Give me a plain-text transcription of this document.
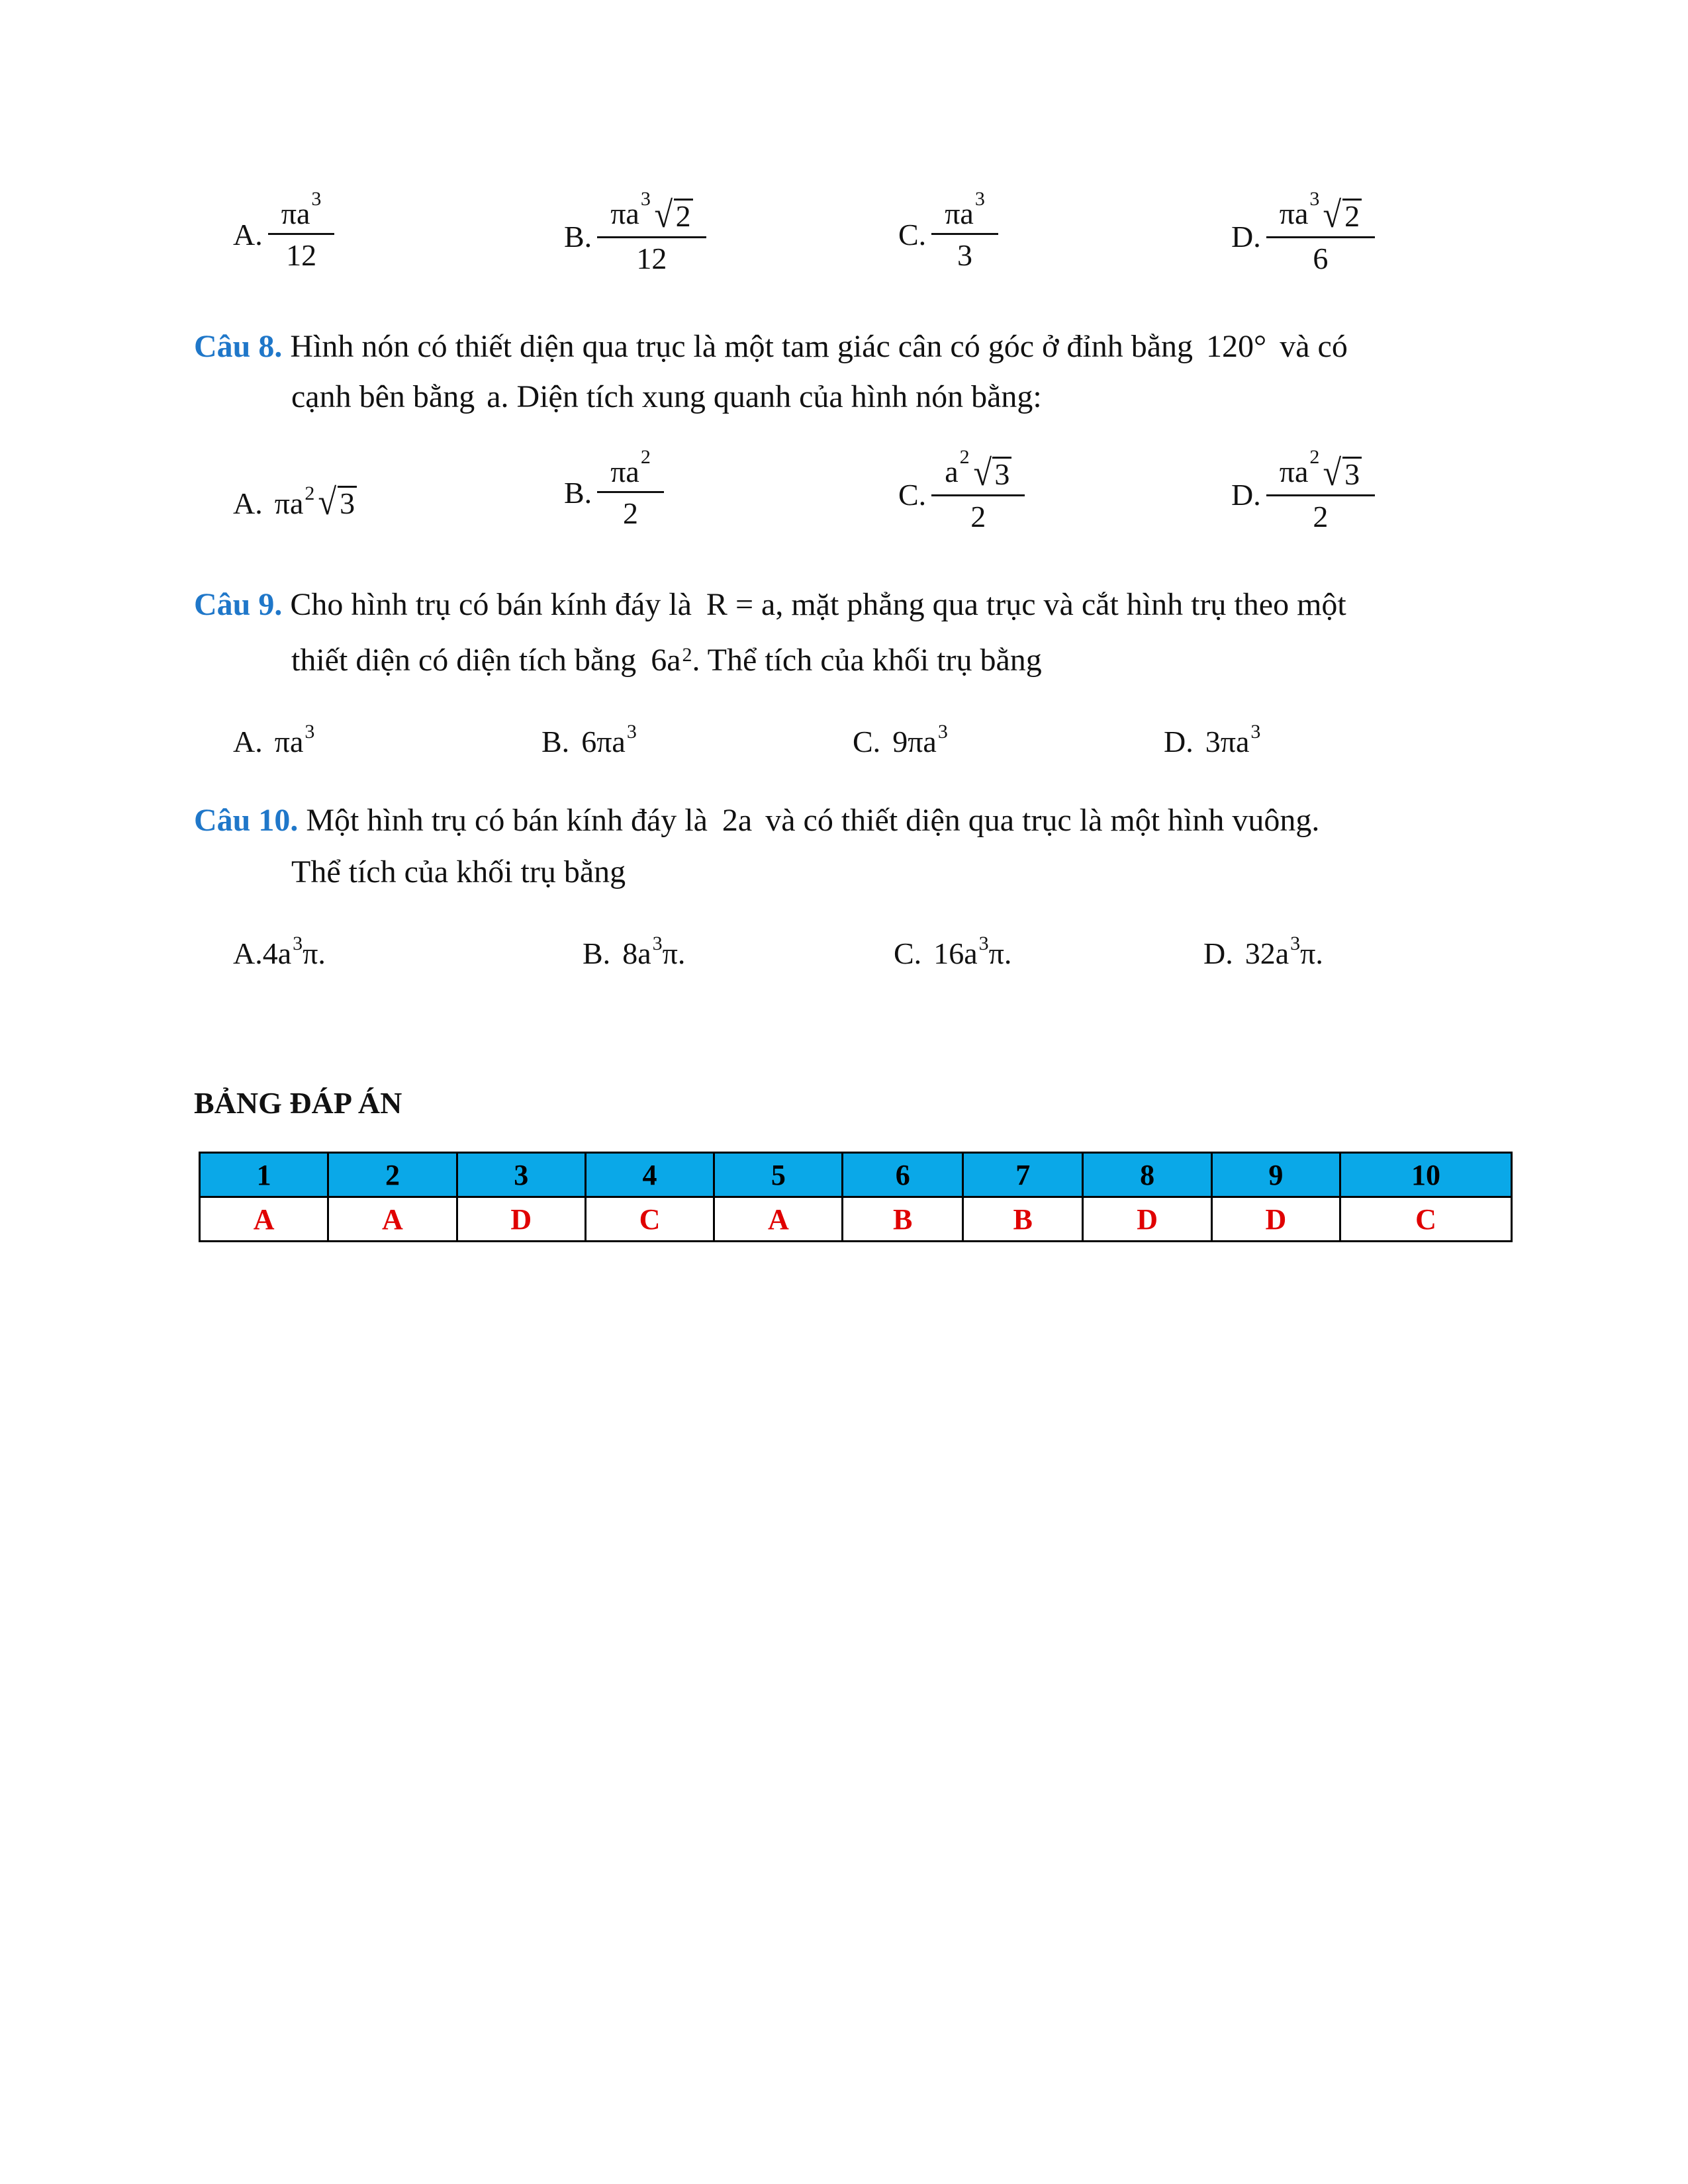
A. $\frac{\pi a 3}{12}$	B. $\frac{\pi a 3 √ 2}{12}$	C. $\frac{\pi a 3}{3}$	D. $\frac{\pi a 3 √ 2}{6}$
Câu 8. Hình nón có thiết diện qua trục là một tam giác cân có góc ở đỉnh bằng 120° và có
cạnh bên bằng a. Diện tích xung quanh của hình nón bằng:
A. πa 2 √ 3	B. $\frac{\pi a 2}{2}$	C. $\frac{a 2 √ 3}{2}$	D. $\frac{\pi a 2 √ 3}{2}$
Câu 9. Cho hình trụ có bán kính đáy là R = a, mặt phẳng qua trục và cắt hình trụ theo một
thiết diện có diện tích bằng $6a^2$. Thể tích của khối trụ bằng
A. πa 3	B. 6πa 3	C. 9πa 3	D. 3πa 3
Câu 10. Một hình trụ có bán kính đáy là 2a và có thiết diện qua trục là một hình vuông.
Thể tích của khối trụ bằng
A. 4a 3 π.	B. 8a 3 π.	C. 16a 3 π.	D. 32a 3 π.
BẢNG ĐÁP ÁN
1	2	3	4	5	6	7	8	9	10
A	A	D	C	A	B	B	D	D	C
